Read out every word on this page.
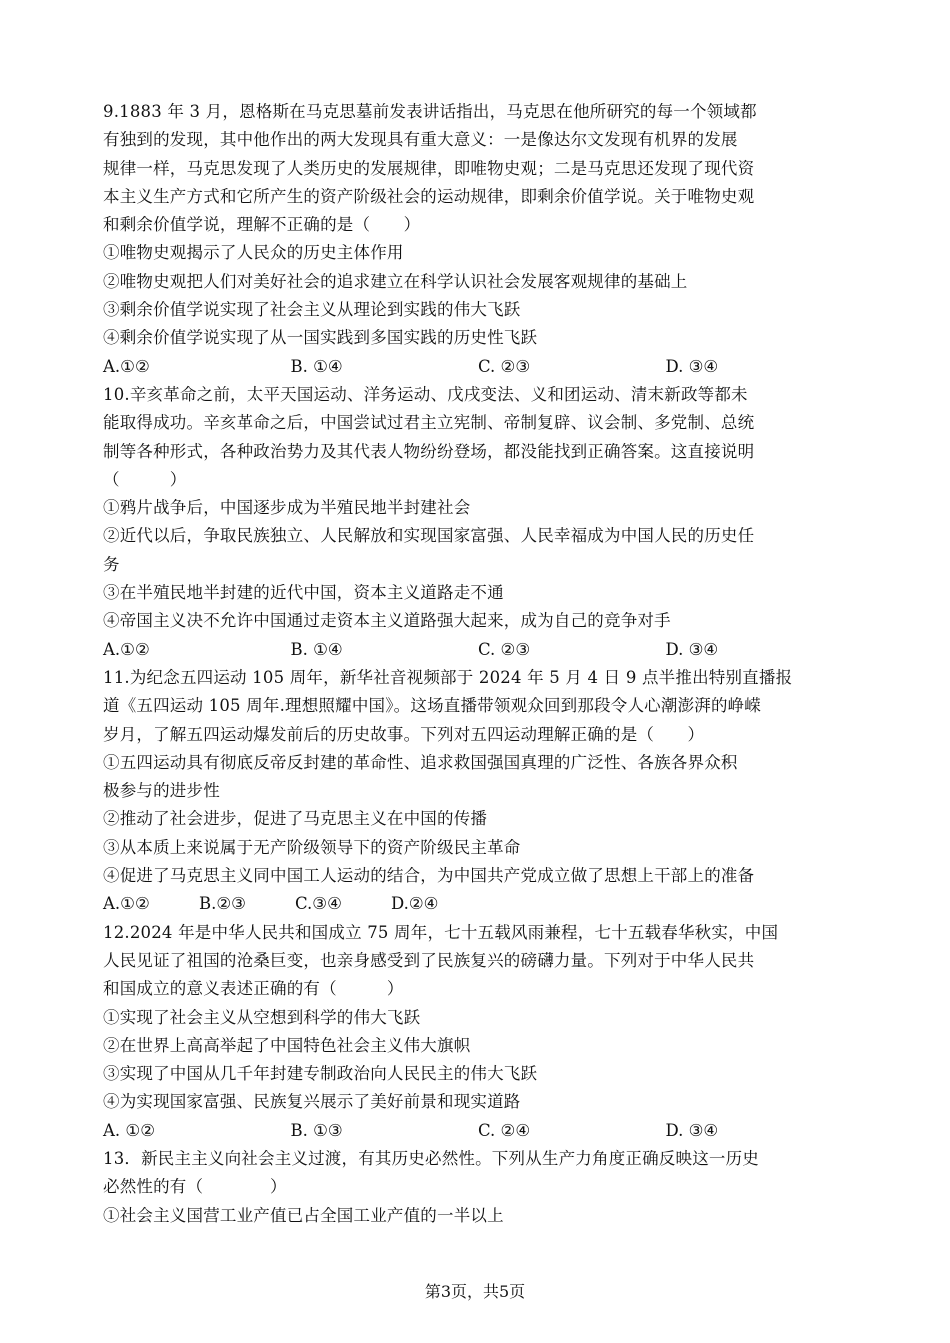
9.1883 年 3 月，恩格斯在马克思墓前发表讲话指出，马克思在他所研究的每一个领域都
有独到的发现，其中他作出的两大发现具有重大意义：一是像达尔文发现有机界的发展
规律一样，马克思发现了人类历史的发展规律，即唯物史观；二是马克思还发现了现代资
本主义生产方式和它所产生的资产阶级社会的运动规律，即剩余价值学说。关于唯物史观
和剩余价值学说，理解不正确的是（　　）
①唯物史观揭示了人民众的历史主体作用
②唯物史观把人们对美好社会的追求建立在科学认识社会发展客观规律的基础上
③剩余价值学说实现了社会主义从理论到实践的伟大飞跃
④剩余价值学说实现了从一国实践到多国实践的历史性飞跃
A.①②	B. ①④	C. ②③	D. ③④
10.辛亥革命之前，太平天国运动、洋务运动、戊戌变法、义和团运动、清末新政等都未
能取得成功。辛亥革命之后，中国尝试过君主立宪制、帝制复辟、议会制、多党制、总统
制等各种形式，各种政治势力及其代表人物纷纷登场，都没能找到正确答案。这直接说明
（　　　）
①鸦片战争后，中国逐步成为半殖民地半封建社会
②近代以后，争取民族独立、人民解放和实现国家富强、人民幸福成为中国人民的历史任
务
③在半殖民地半封建的近代中国，资本主义道路走不通
④帝国主义决不允许中国通过走资本主义道路强大起来，成为自己的竞争对手
A.①②	B. ①④	C. ②③	D. ③④
11.为纪念五四运动 105 周年，新华社音视频部于 2024 年 5 月 4 日 9 点半推出特别直播报
道《五四运动 105 周年.理想照耀中国》。这场直播带领观众回到那段令人心潮澎湃的峥嵘
岁月，了解五四运动爆发前后的历史故事。下列对五四运动理解正确的是（　　）
①五四运动具有彻底反帝反封建的革命性、追求救国强国真理的广泛性、各族各界众积
极参与的进步性
②推动了社会进步，促进了马克思主义在中国的传播
③从本质上来说属于无产阶级领导下的资产阶级民主革命
④促进了马克思主义同中国工人运动的结合，为中国共产党成立做了思想上干部上的准备
A.①②	B.②③	C.③④	D.②④
12.2024 年是中华人民共和国成立 75 周年，七十五载风雨兼程，七十五载春华秋实，中国
人民见证了祖国的沧桑巨变，也亲身感受到了民族复兴的磅礴力量。下列对于中华人民共
和国成立的意义表述正确的有（　　　）
①实现了社会主义从空想到科学的伟大飞跃
②在世界上高高举起了中国特色社会主义伟大旗帜
③实现了中国从几千年封建专制政治向人民民主的伟大飞跃
④为实现国家富强、民族复兴展示了美好前景和现实道路
A. ①②	B. ①③	C. ②④	D. ③④
13．新民主主义向社会主义过渡，有其历史必然性。下列从生产力角度正确反映这一历史
必然性的有（　　　　）
①社会主义国营工业产值已占全国工业产值的一半以上
第3页，共5页
